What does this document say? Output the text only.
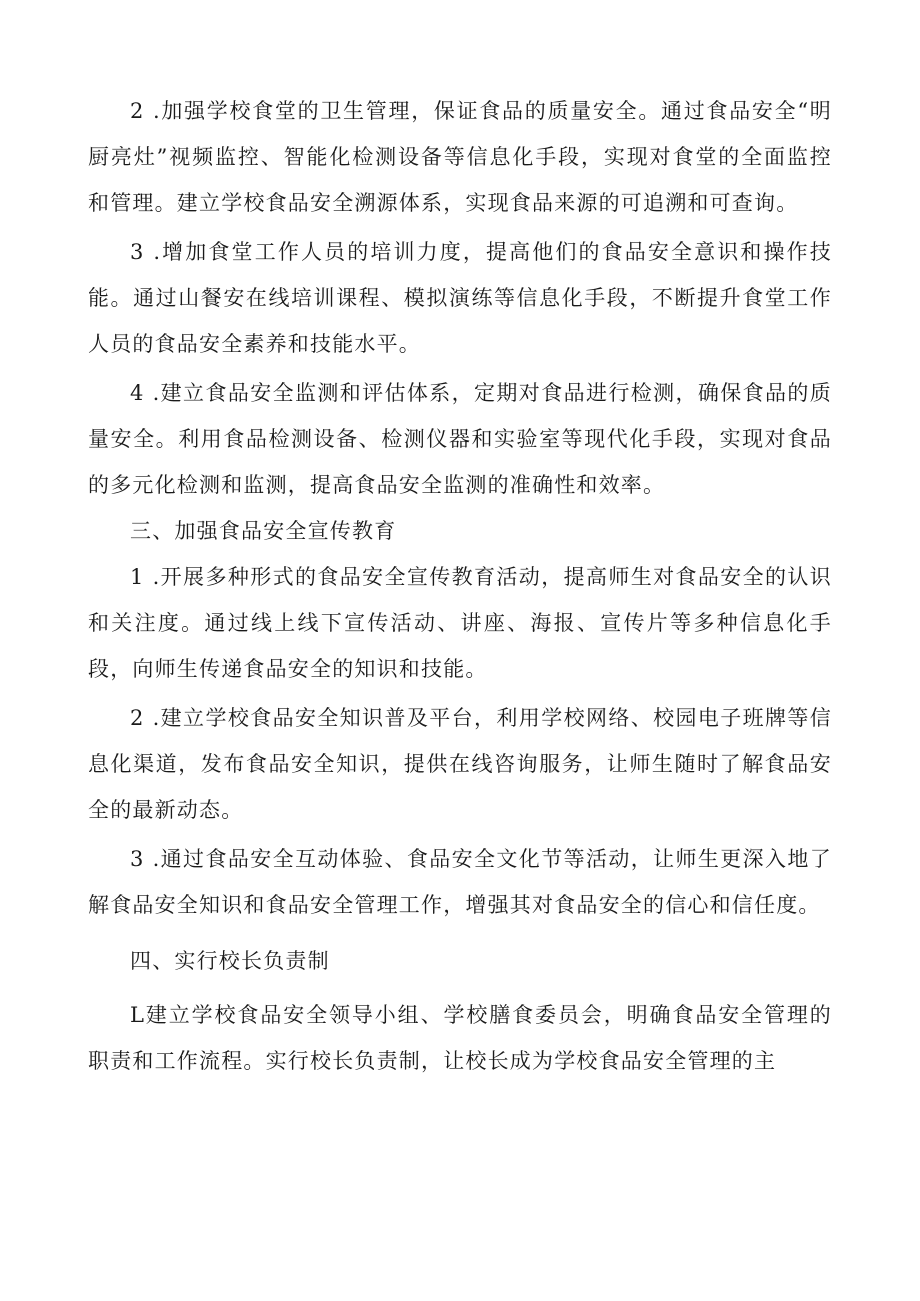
2 .加强学校食堂的卫生管理，保证食品的质量安全。通过食品安全“明厨亮灶”视频监控、智能化检测设备等信息化手段，实现对食堂的全面监控和管理。建立学校食品安全溯源体系，实现食品来源的可追溯和可查询。

3 .增加食堂工作人员的培训力度，提高他们的食品安全意识和操作技能。通过山餐安在线培训课程、模拟演练等信息化手段，不断提升食堂工作人员的食品安全素养和技能水平。

4 .建立食品安全监测和评估体系，定期对食品进行检测，确保食品的质量安全。利用食品检测设备、检测仪器和实验室等现代化手段，实现对食品的多元化检测和监测，提高食品安全监测的准确性和效率。

三、加强食品安全宣传教育

1 .开展多种形式的食品安全宣传教育活动，提高师生对食品安全的认识和关注度。通过线上线下宣传活动、讲座、海报、宣传片等多种信息化手段，向师生传递食品安全的知识和技能。

2 .建立学校食品安全知识普及平台，利用学校网络、校园电子班牌等信息化渠道，发布食品安全知识，提供在线咨询服务，让师生随时了解食品安全的最新动态。

3 .通过食品安全互动体验、食品安全文化节等活动，让师生更深入地了解食品安全知识和食品安全管理工作，增强其对食品安全的信心和信任度。

四、实行校长负责制

L建立学校食品安全领导小组、学校膳食委员会，明确食品安全管理的职责和工作流程。实行校长负责制，让校长成为学校食品安全管理的主
